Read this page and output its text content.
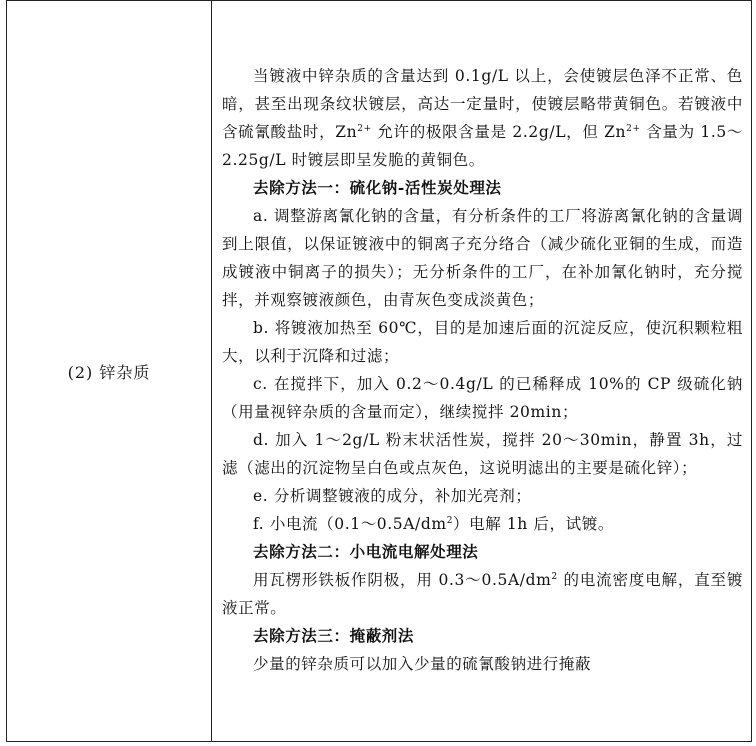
(2) 锌杂质	

当镀液中锌杂质的含量达到 0.1g/L 以上，会使镀层色泽不正常、色暗，甚至出现条纹状镀层，高达一定量时，使镀层略带黄铜色。若镀液中含硫氰酸盐时，$Zn^{2+}$ 允许的极限含量是 2.2g/L，但 $Zn^{2+}$ 含量为 1.5～2.25g/L 时镀层即呈发脆的黄铜色。

去除方法一：硫化钠-活性炭处理法

a. 调整游离氰化钠的含量，有分析条件的工厂将游离氰化钠的含量调到上限值，以保证镀液中的铜离子充分络合（减少硫化亚铜的生成，而造成镀液中铜离子的损失）；无分析条件的工厂，在补加氰化钠时，充分搅拌，并观察镀液颜色，由青灰色变成淡黄色；

b. 将镀液加热至 60℃，目的是加速后面的沉淀反应，使沉积颗粒粗大，以利于沉降和过滤；

c. 在搅拌下，加入 0.2～0.4g/L 的已稀释成 10%的 CP 级硫化钠（用量视锌杂质的含量而定），继续搅拌 20min；

d. 加入 1～2g/L 粉末状活性炭，搅拌 20～30min，静置 3h，过滤（滤出的沉淀物呈白色或点灰色，这说明滤出的主要是硫化锌）；

e. 分析调整镀液的成分，补加光亮剂；

f. 小电流$(0.1\sim 0.5A/dm^2)$电解 1h 后，试镀。

去除方法二：小电流电解处理法

用瓦楞形铁板作阴极，用 $0.3\sim 0.5A/dm^2$ 的电流密度电解，直至镀液正常。

去除方法三：掩蔽剂法

少量的锌杂质可以加入少量的硫氰酸钠进行掩蔽
